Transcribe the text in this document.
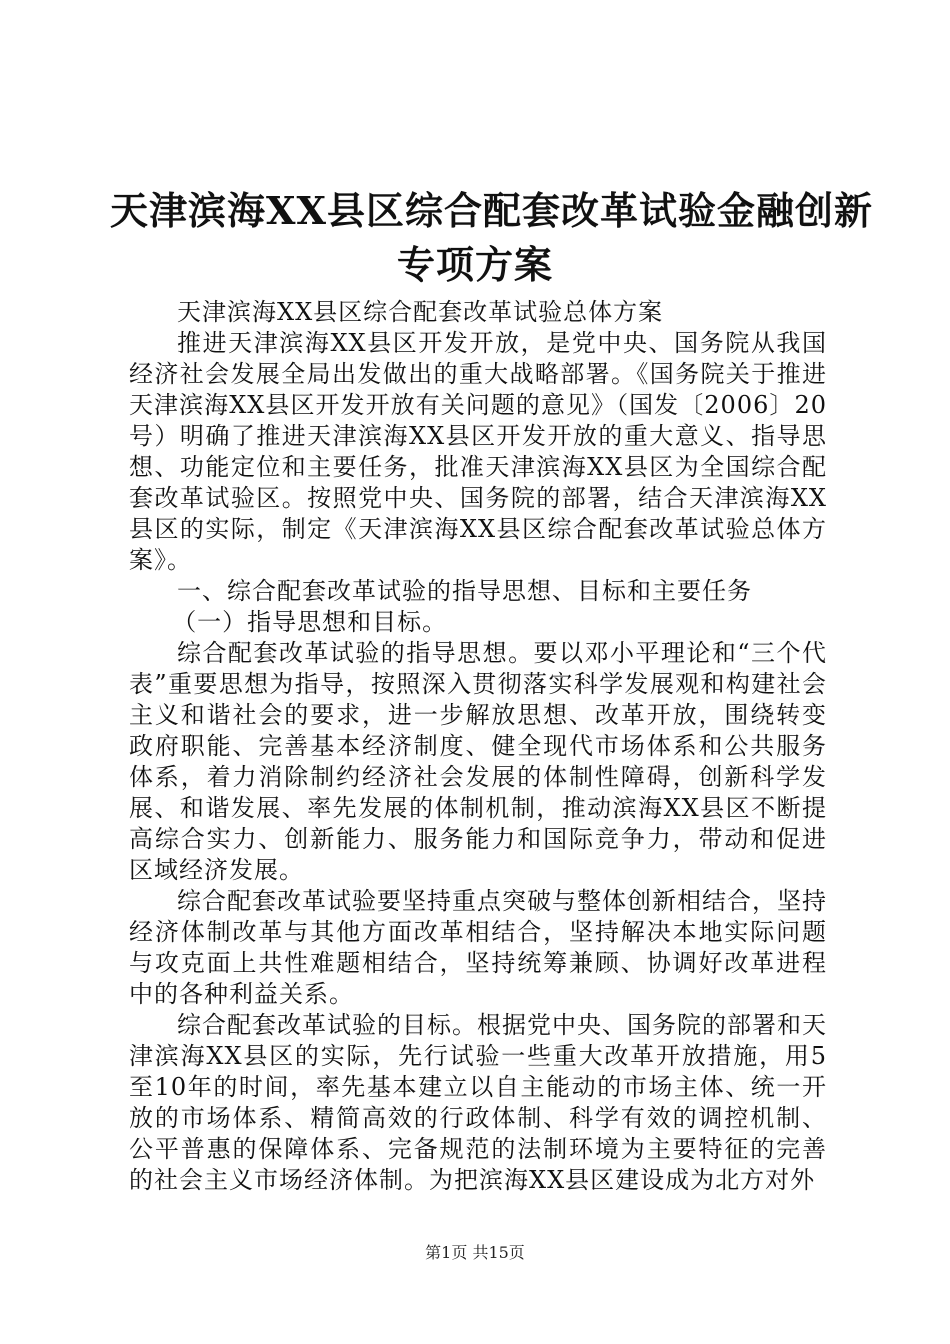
天津滨海XX县区综合配套改革试验金融创新
专项方案

天津滨海XX县区综合配套改革试验总体方案

推进天津滨海XX县区开发开放，是党中央、国务院从我国经济社会发展全局出发做出的重大战略部署。《国务院关于推进天津滨海XX县区开发开放有关问题的意见》（国发〔2006〕20号）明确了推进天津滨海XX县区开发开放的重大意义、指导思想、功能定位和主要任务，批准天津滨海XX县区为全国综合配套改革试验区。按照党中央、国务院的部署，结合天津滨海XX县区的实际，制定《天津滨海XX县区综合配套改革试验总体方案》。

一、综合配套改革试验的指导思想、目标和主要任务

（一）指导思想和目标。

综合配套改革试验的指导思想。要以邓小平理论和“三个代表”重要思想为指导，按照深入贯彻落实科学发展观和构建社会主义和谐社会的要求，进一步解放思想、改革开放，围绕转变政府职能、完善基本经济制度、健全现代市场体系和公共服务体系，着力消除制约经济社会发展的体制性障碍，创新科学发展、和谐发展、率先发展的体制机制，推动滨海XX县区不断提高综合实力、创新能力、服务能力和国际竞争力，带动和促进区域经济发展。

综合配套改革试验要坚持重点突破与整体创新相结合，坚持经济体制改革与其他方面改革相结合，坚持解决本地实际问题与攻克面上共性难题相结合，坚持统筹兼顾、协调好改革进程中的各种利益关系。

综合配套改革试验的目标。根据党中央、国务院的部署和天津滨海XX县区的实际，先行试验一些重大改革开放措施，用5至10年的时间，率先基本建立以自主能动的市场主体、统一开放的市场体系、精简高效的行政体制、科学有效的调控机制、公平普惠的保障体系、完备规范的法制环境为主要特征的完善的社会主义市场经济体制。为把滨海XX县区建设成为北方对外

第1页 共15页
